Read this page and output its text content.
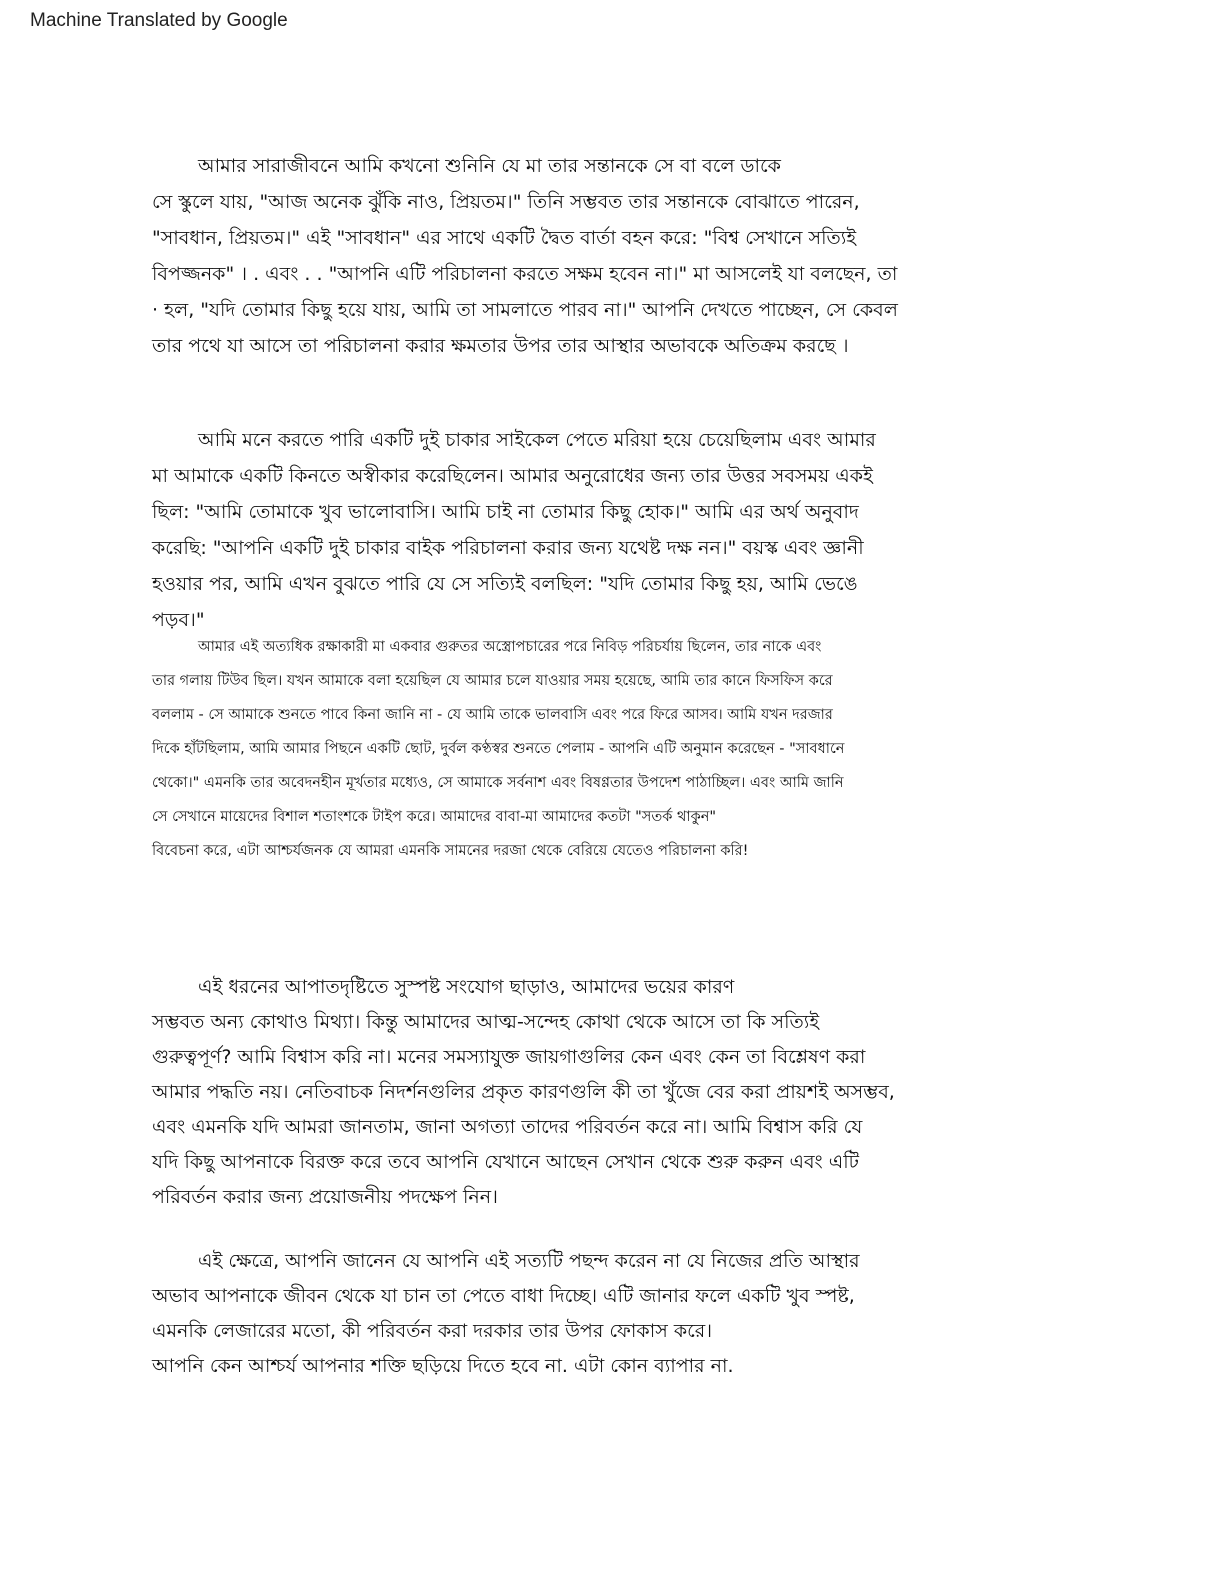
Machine Translated by Google

আমার সারাজীবনে আমি কখনো শুনিনি যে মা তার সন্তানকে সে বা বলে ডাকে

সে স্কুলে যায়, "আজ অনেক ঝুঁকি নাও, প্রিয়তম।" তিনি সম্ভবত তার সন্তানকে বোঝাতে পারেন,

"সাবধান, প্রিয়তম।" এই "সাবধান" এর সাথে একটি দ্বৈত বার্তা বহন করে: "বিশ্ব সেখানে সত্যিই

বিপজ্জনক" । . এবং . . "আপনি এটি পরিচালনা করতে সক্ষম হবেন না।" মা আসলেই যা বলছেন, তা

· হল, "যদি তোমার কিছু হয়ে যায়, আমি তা সামলাতে পারব না।" আপনি দেখতে পাচ্ছেন, সে কেবল

তার পথে যা আসে তা পরিচালনা করার ক্ষমতার উপর তার আস্থার অভাবকে অতিক্রম করছে ।

আমি মনে করতে পারি একটি দুই চাকার সাইকেল পেতে মরিয়া হয়ে চেয়েছিলাম এবং আমার

মা আমাকে একটি কিনতে অস্বীকার করেছিলেন। আমার অনুরোধের জন্য তার উত্তর সবসময় একই

ছিল: "আমি তোমাকে খুব ভালোবাসি। আমি চাই না তোমার কিছু হোক।" আমি এর অর্থ অনুবাদ

করেছি: "আপনি একটি দুই চাকার বাইক পরিচালনা করার জন্য যথেষ্ট দক্ষ নন।" বয়স্ক এবং জ্ঞানী

হওয়ার পর, আমি এখন বুঝতে পারি যে সে সত্যিই বলছিল: "যদি তোমার কিছু হয়, আমি ভেঙে

পড়ব।"

আমার এই অত্যধিক রক্ষাকারী মা একবার গুরুতর অস্ত্রোপচারের পরে নিবিড় পরিচর্যায় ছিলেন, তার নাকে এবং

তার গলায় টিউব ছিল। যখন আমাকে বলা হয়েছিল যে আমার চলে যাওয়ার সময় হয়েছে, আমি তার কানে ফিসফিস করে

বললাম - সে আমাকে শুনতে পাবে কিনা জানি না - যে আমি তাকে ভালবাসি এবং পরে ফিরে আসব। আমি যখন দরজার

দিকে হাঁটছিলাম, আমি আমার পিছনে একটি ছোট, দুর্বল কণ্ঠস্বর শুনতে পেলাম - আপনি এটি অনুমান করেছেন - "সাবধানে

থেকো।" এমনকি তার অবেদনহীন মূর্খতার মধ্যেও, সে আমাকে সর্বনাশ এবং বিষণ্ণতার উপদেশ পাঠাচ্ছিল। এবং আমি জানি

সে সেখানে মায়েদের বিশাল শতাংশকে টাইপ করে। আমাদের বাবা-মা আমাদের কতটা "সতর্ক থাকুন"

বিবেচনা করে, এটা আশ্চর্যজনক যে আমরা এমনকি সামনের দরজা থেকে বেরিয়ে যেতেও পরিচালনা করি!

এই ধরনের আপাতদৃষ্টিতে সুস্পষ্ট সংযোগ ছাড়াও, আমাদের ভয়ের কারণ

সম্ভবত অন্য কোথাও মিথ্যা। কিন্তু আমাদের আত্ম-সন্দেহ কোথা থেকে আসে তা কি সত্যিই

গুরুত্বপূর্ণ? আমি বিশ্বাস করি না। মনের সমস্যাযুক্ত জায়গাগুলির কেন এবং কেন তা বিশ্লেষণ করা

আমার পদ্ধতি নয়। নেতিবাচক নিদর্শনগুলির প্রকৃত কারণগুলি কী তা খুঁজে বের করা প্রায়শই অসম্ভব,

এবং এমনকি যদি আমরা জানতাম, জানা অগত্যা তাদের পরিবর্তন করে না। আমি বিশ্বাস করি যে

যদি কিছু আপনাকে বিরক্ত করে তবে আপনি যেখানে আছেন সেখান থেকে শুরু করুন এবং এটি

পরিবর্তন করার জন্য প্রয়োজনীয় পদক্ষেপ নিন।

এই ক্ষেত্রে, আপনি জানেন যে আপনি এই সত্যটি পছন্দ করেন না যে নিজের প্রতি আস্থার

অভাব আপনাকে জীবন থেকে যা চান তা পেতে বাধা দিচ্ছে। এটি জানার ফলে একটি খুব স্পষ্ট,

এমনকি লেজারের মতো, কী পরিবর্তন করা দরকার তার উপর ফোকাস করে।

আপনি কেন আশ্চর্য আপনার শক্তি ছড়িয়ে দিতে হবে না. এটা কোন ব্যাপার না.
